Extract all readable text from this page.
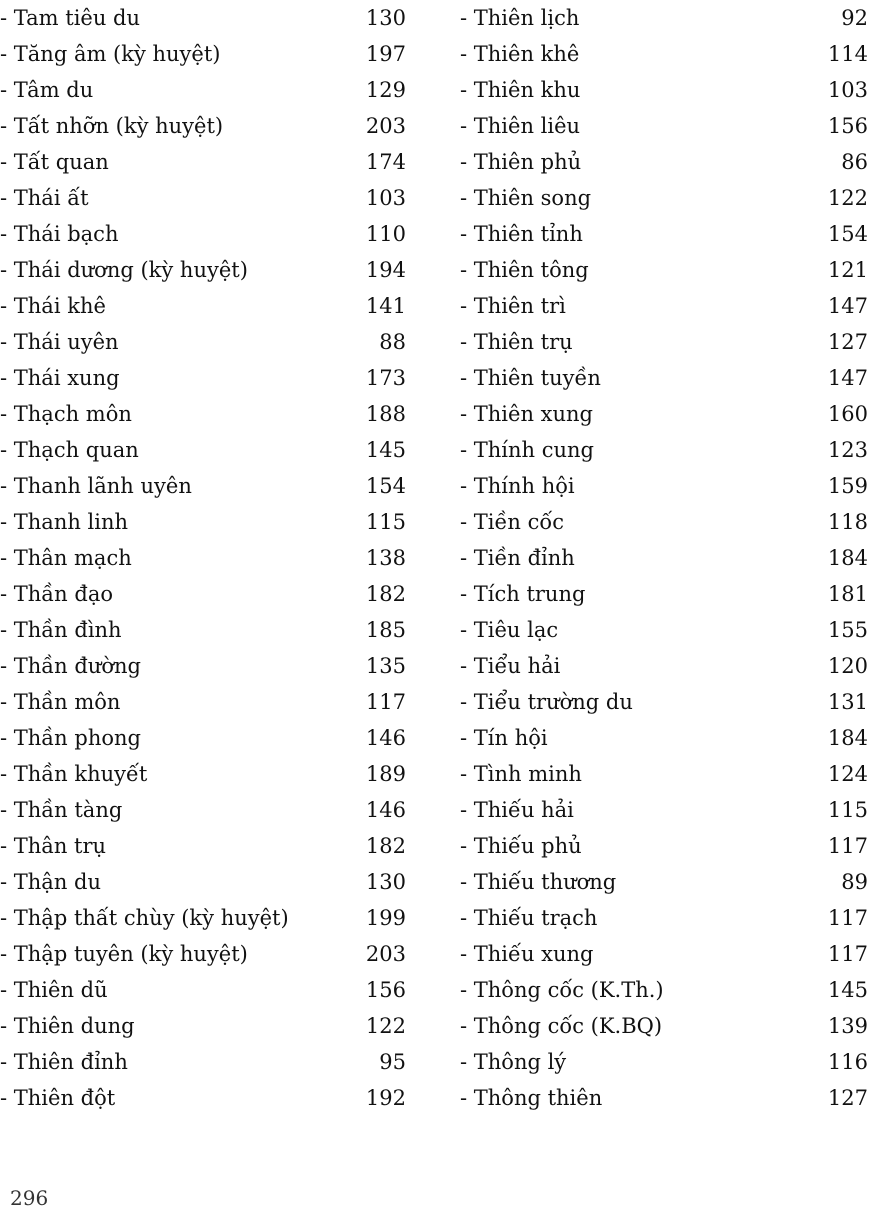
- Tam tiêu du	130
- Tăng âm (kỳ huyệt)	197
- Tâm du	129
- Tất nhỡn (kỳ huyệt)	203
- Tất quan	174
- Thái ất	103
- Thái bạch	110
- Thái dương (kỳ huyệt)	194
- Thái khê	141
- Thái uyên	88
- Thái xung	173
- Thạch môn	188
- Thạch quan	145
- Thanh lãnh uyên	154
- Thanh linh	115
- Thân mạch	138
- Thần đạo	182
- Thần đình	185
- Thần đường	135
- Thần môn	117
- Thần phong	146
- Thần khuyết	189
- Thần tàng	146
- Thân trụ	182
- Thận du	130
- Thập thất chùy (kỳ huyệt)	199
- Thập tuyên (kỳ huyệt)	203
- Thiên dũ	156
- Thiên dung	122
- Thiên đỉnh	95
- Thiên đột	192
- Thiên lịch	92
- Thiên khê	114
- Thiên khu	103
- Thiên liêu	156
- Thiên phủ	86
- Thiên song	122
- Thiên tỉnh	154
- Thiên tông	121
- Thiên trì	147
- Thiên trụ	127
- Thiên tuyền	147
- Thiên xung	160
- Thính cung	123
- Thính hội	159
- Tiền cốc	118
- Tiền đỉnh	184
- Tích trung	181
- Tiêu lạc	155
- Tiểu hải	120
- Tiểu trường du	131
- Tín hội	184
- Tình minh	124
- Thiếu hải	115
- Thiếu phủ	117
- Thiếu thương	89
- Thiếu trạch	117
- Thiếu xung	117
- Thông cốc (K.Th.)	145
- Thông cốc (K.BQ)	139
- Thông lý	116
- Thông thiên	127
296
